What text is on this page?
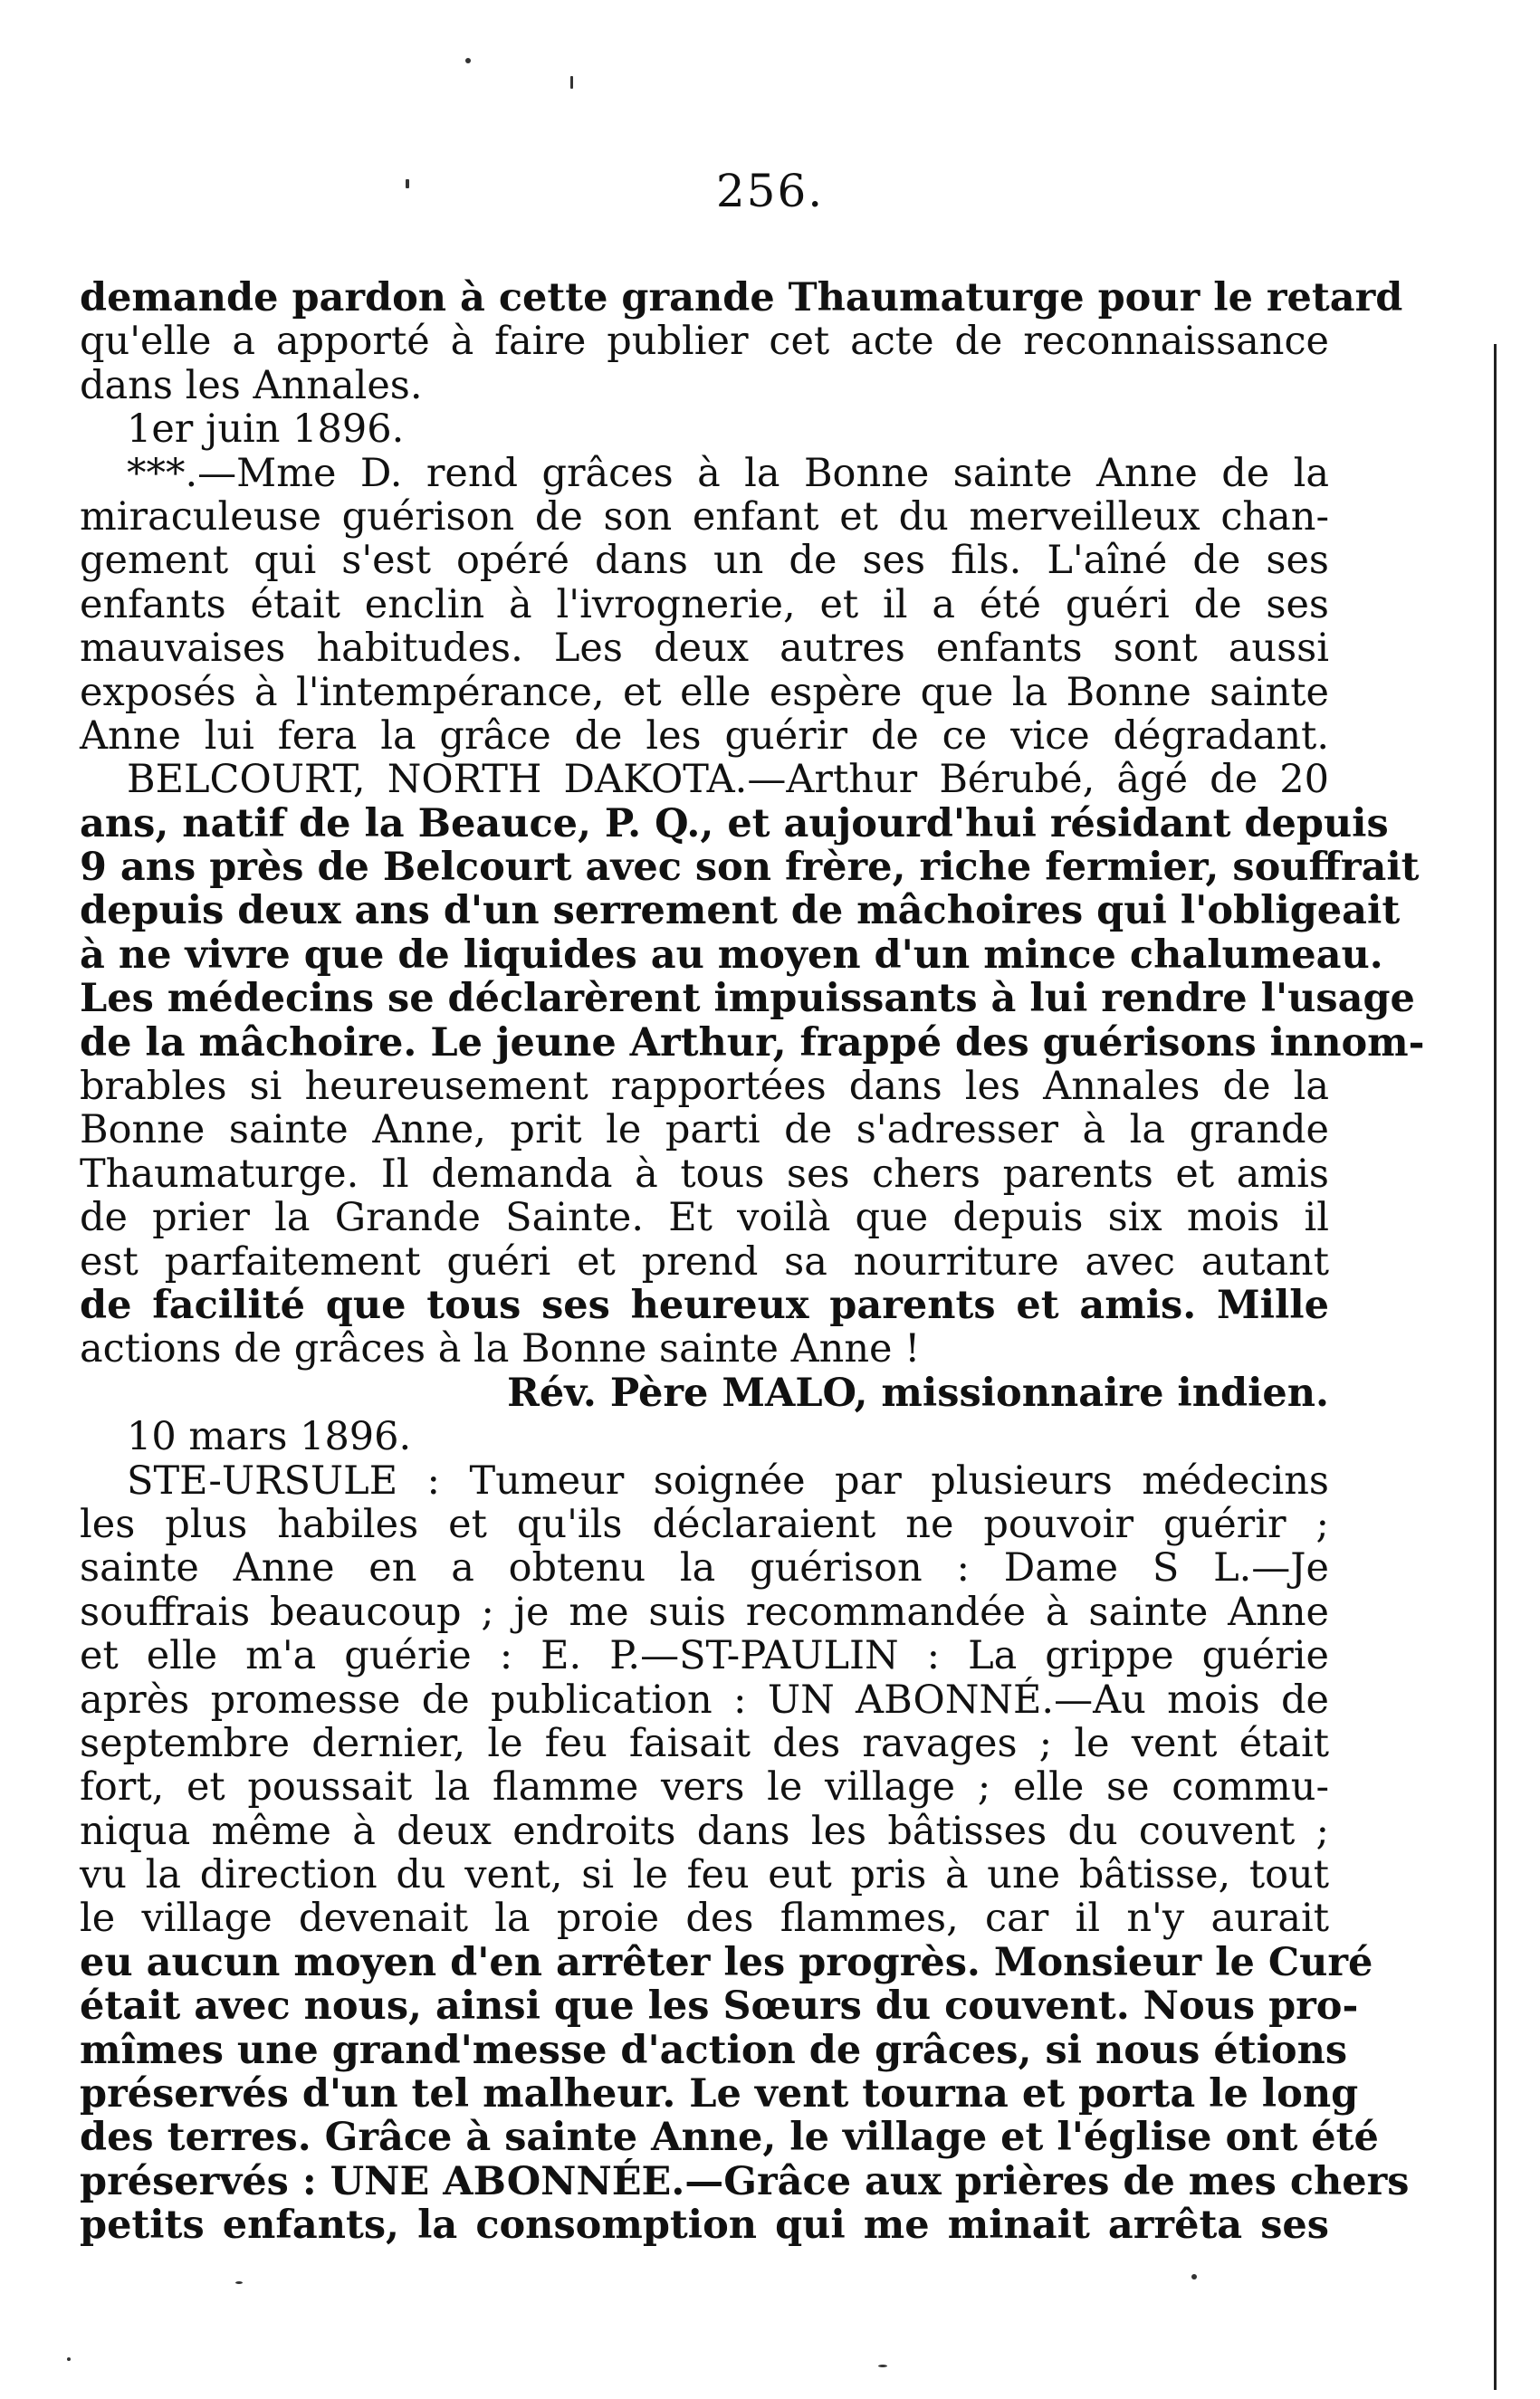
256.
demande pardon à cette grande Thaumaturge pour le retard
qu'elle a apporté à faire publier cet acte de reconnaissance
dans les Annales.
1er juin 1896.
***.—Mme D. rend grâces à la Bonne sainte Anne de la
miraculeuse guérison de son enfant et du merveilleux chan-
gement qui s'est opéré dans un de ses fils. L'aîné de ses
enfants était enclin à l'ivrognerie, et il a été guéri de ses
mauvaises habitudes. Les deux autres enfants sont aussi
exposés à l'intempérance, et elle espère que la Bonne sainte
Anne lui fera la grâce de les guérir de ce vice dégradant.
BELCOURT, NORTH DAKOTA.—Arthur Bérubé, âgé de 20
ans, natif de la Beauce, P. Q., et aujourd'hui résidant depuis
9 ans près de Belcourt avec son frère, riche fermier, souffrait
depuis deux ans d'un serrement de mâchoires qui l'obligeait
à ne vivre que de liquides au moyen d'un mince chalumeau.
Les médecins se déclarèrent impuissants à lui rendre l'usage
de la mâchoire. Le jeune Arthur, frappé des guérisons innom-
brables si heureusement rapportées dans les Annales de la
Bonne sainte Anne, prit le parti de s'adresser à la grande
Thaumaturge. Il demanda à tous ses chers parents et amis
de prier la Grande Sainte. Et voilà que depuis six mois il
est parfaitement guéri et prend sa nourriture avec autant
de facilité que tous ses heureux parents et amis. Mille
actions de grâces à la Bonne sainte Anne !
Rév. Père MALO, missionnaire indien.
10 mars 1896.
STE-URSULE : Tumeur soignée par plusieurs médecins
les plus habiles et qu'ils déclaraient ne pouvoir guérir ;
sainte Anne en a obtenu la guérison : Dame S L.—Je
souffrais beaucoup ; je me suis recommandée à sainte Anne
et elle m'a guérie : E. P.—ST-PAULIN : La grippe guérie
après promesse de publication : UN ABONNÉ.—Au mois de
septembre dernier, le feu faisait des ravages ; le vent était
fort, et poussait la flamme vers le village ; elle se commu-
niqua même à deux endroits dans les bâtisses du couvent ;
vu la direction du vent, si le feu eut pris à une bâtisse, tout
le village devenait la proie des flammes, car il n'y aurait
eu aucun moyen d'en arrêter les progrès. Monsieur le Curé
était avec nous, ainsi que les Sœurs du couvent. Nous pro-
mîmes une grand'messe d'action de grâces, si nous étions
préservés d'un tel malheur. Le vent tourna et porta le long
des terres. Grâce à sainte Anne, le village et l'église ont été
préservés : UNE ABONNÉE.—Grâce aux prières de mes chers
petits enfants, la consomption qui me minait arrêta ses
